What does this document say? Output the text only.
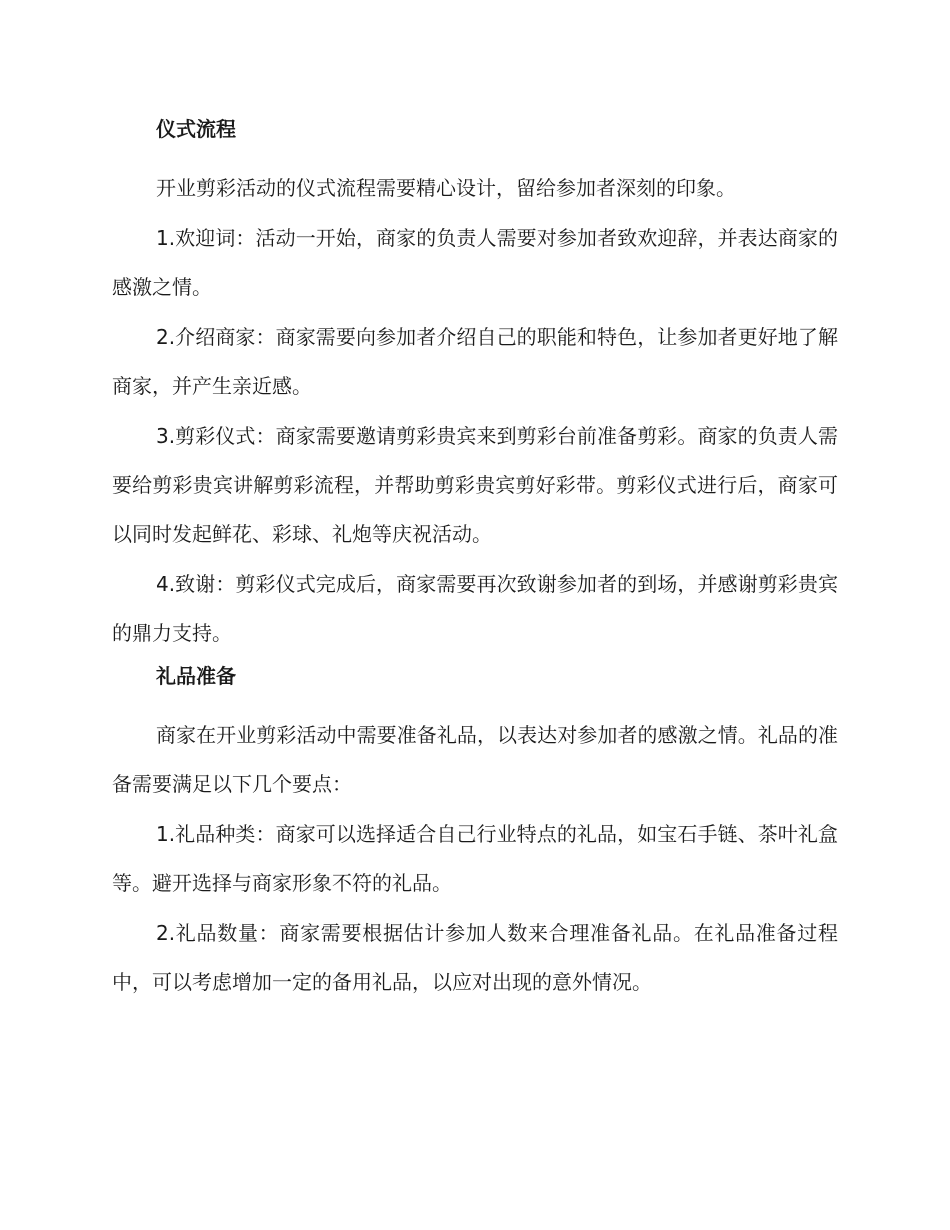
仪式流程

开业剪彩活动的仪式流程需要精心设计，留给参加者深刻的印象。

1.欢迎词：活动一开始，商家的负责人需要对参加者致欢迎辞，并表达商家的感激之情。

2.介绍商家：商家需要向参加者介绍自己的职能和特色，让参加者更好地了解商家，并产生亲近感。

3.剪彩仪式：商家需要邀请剪彩贵宾来到剪彩台前准备剪彩。商家的负责人需要给剪彩贵宾讲解剪彩流程，并帮助剪彩贵宾剪好彩带。剪彩仪式进行后，商家可以同时发起鲜花、彩球、礼炮等庆祝活动。

4.致谢：剪彩仪式完成后，商家需要再次致谢参加者的到场，并感谢剪彩贵宾的鼎力支持。

礼品准备

商家在开业剪彩活动中需要准备礼品，以表达对参加者的感激之情。礼品的准备需要满足以下几个要点：

1.礼品种类：商家可以选择适合自己行业特点的礼品，如宝石手链、茶叶礼盒等。避开选择与商家形象不符的礼品。

2.礼品数量：商家需要根据估计参加人数来合理准备礼品。在礼品准备过程中，可以考虑增加一定的备用礼品，以应对出现的意外情况。
